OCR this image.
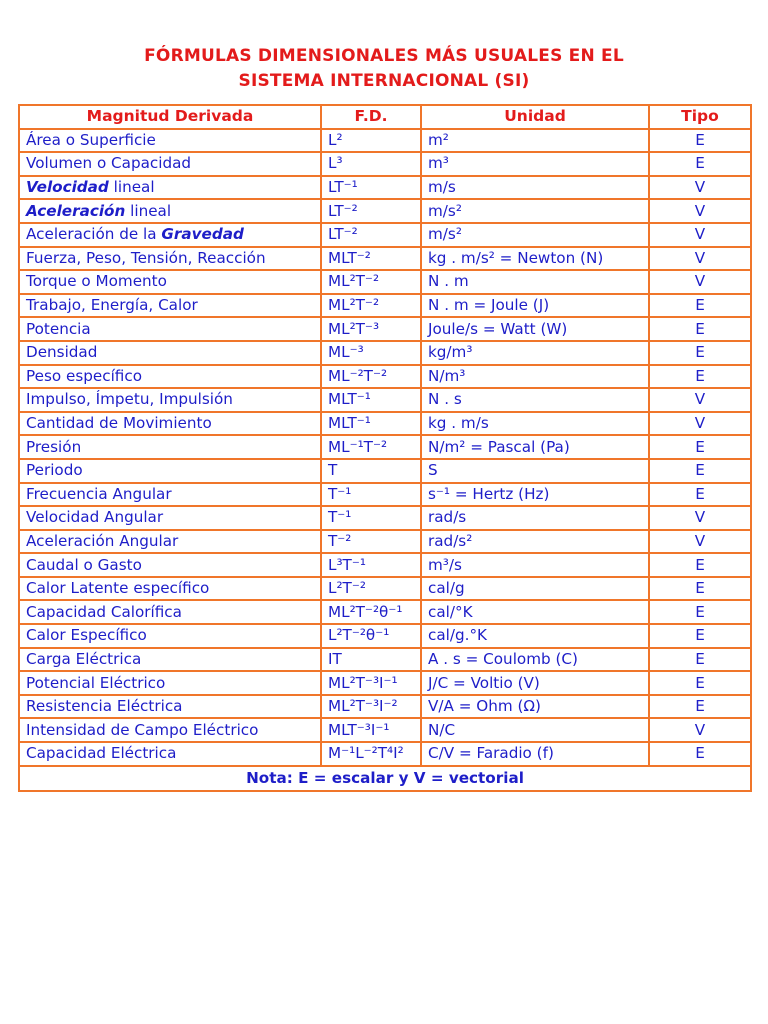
FÓRMULAS DIMENSIONALES MÁS USUALES EN EL
SISTEMA INTERNACIONAL (SI)
Magnitud Derivada	F.D.	Unidad	Tipo
Área o Superficie	L²	m²	E
Volumen o Capacidad	L³	m³	E
Velocidad lineal	LT⁻¹	m/s	V
Aceleración lineal	LT⁻²	m/s²	V
Aceleración de la Gravedad	LT⁻²	m/s²	V
Fuerza, Peso, Tensión, Reacción	MLT⁻²	kg . m/s² = Newton (N)	V
Torque o Momento	ML²T⁻²	N . m	V
Trabajo, Energía, Calor	ML²T⁻²	N . m = Joule (J)	E
Potencia	ML²T⁻³	Joule/s = Watt (W)	E
Densidad	ML⁻³	kg/m³	E
Peso específico	ML⁻²T⁻²	N/m³	E
Impulso, Ímpetu, Impulsión	MLT⁻¹	N . s	V
Cantidad de Movimiento	MLT⁻¹	kg . m/s	V
Presión	ML⁻¹T⁻²	N/m² = Pascal (Pa)	E
Periodo	T	S	E
Frecuencia Angular	T⁻¹	s⁻¹ = Hertz (Hz)	E
Velocidad Angular	T⁻¹	rad/s	V
Aceleración Angular	T⁻²	rad/s²	V
Caudal o Gasto	L³T⁻¹	m³/s	E
Calor Latente específico	L²T⁻²	cal/g	E
Capacidad Calorífica	ML²T⁻²θ⁻¹	cal/°K	E
Calor Específico	L²T⁻²θ⁻¹	cal/g.°K	E
Carga Eléctrica	IT	A . s = Coulomb (C)	E
Potencial Eléctrico	ML²T⁻³I⁻¹	J/C = Voltio (V)	E
Resistencia Eléctrica	ML²T⁻³I⁻²	V/A = Ohm (Ω)	E
Intensidad de Campo Eléctrico	MLT⁻³I⁻¹	N/C	V
Capacidad Eléctrica	M⁻¹L⁻²T⁴I²	C/V = Faradio (f)	E
Nota: E = escalar y V = vectorial			
